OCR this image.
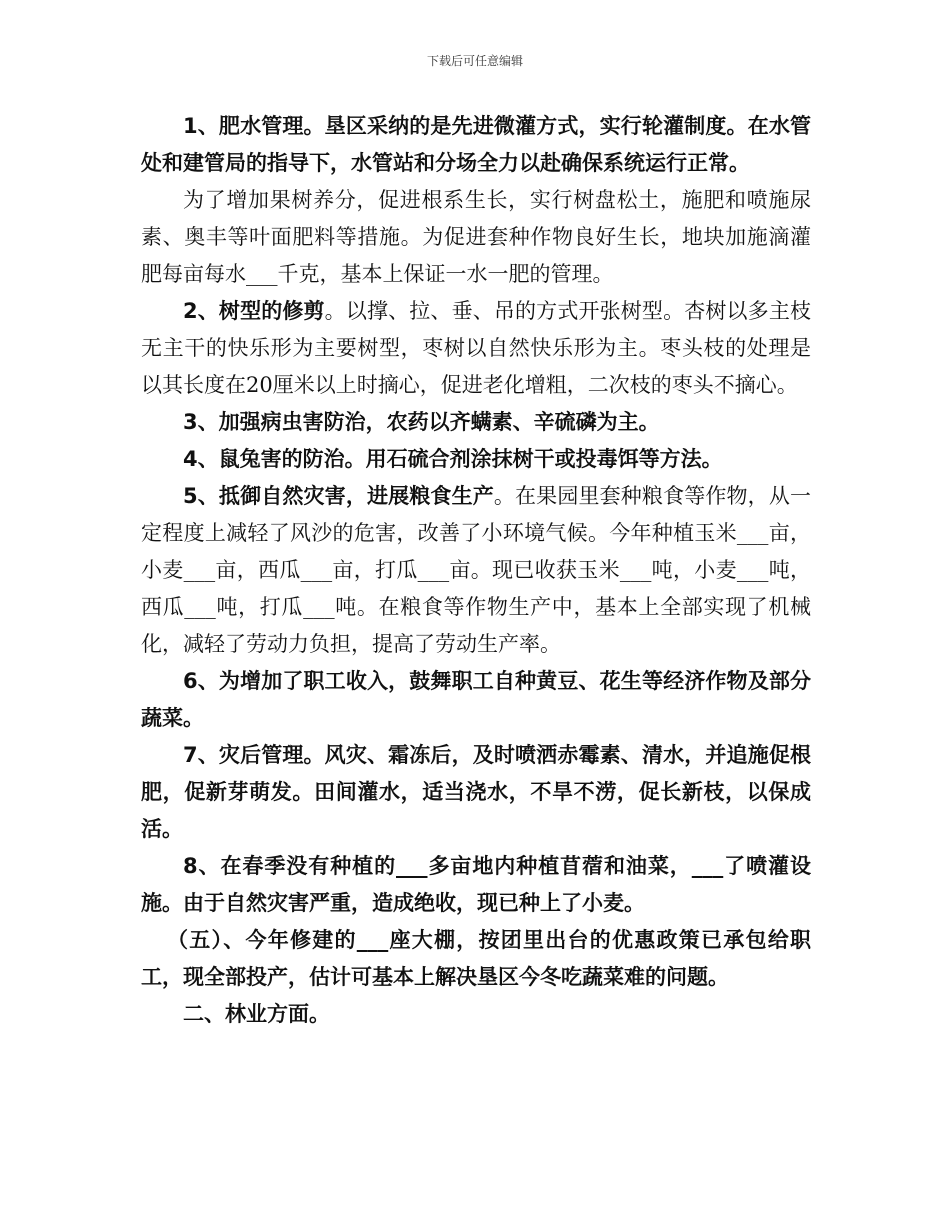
下载后可任意编辑

1、肥水管理。垦区采纳的是先进微灌方式，实行轮灌制度。在水管处和建管局的指导下，水管站和分场全力以赴确保系统运行正常。

为了增加果树养分，促进根系生长，实行树盘松土，施肥和喷施尿素、奥丰等叶面肥料等措施。为促进套种作物良好生长，地块加施滴灌肥每亩每水___千克，基本上保证一水一肥的管理。

2、树型的修剪。以撑、拉、垂、吊的方式开张树型。杏树以多主枝无主干的快乐形为主要树型，枣树以自然快乐形为主。枣头枝的处理是以其长度在20厘米以上时摘心，促进老化增粗，二次枝的枣头不摘心。

3、加强病虫害防治，农药以齐螨素、辛硫磷为主。

4、鼠兔害的防治。用石硫合剂涂抹树干或投毒饵等方法。

5、抵御自然灾害，进展粮食生产。在果园里套种粮食等作物，从一定程度上减轻了风沙的危害，改善了小环境气候。今年种植玉米___亩，小麦___亩，西瓜___亩，打瓜___亩。现已收获玉米___吨，小麦___吨，西瓜___吨，打瓜___吨。在粮食等作物生产中，基本上全部实现了机械化，减轻了劳动力负担，提高了劳动生产率。

6、为增加了职工收入，鼓舞职工自种黄豆、花生等经济作物及部分蔬菜。

7、灾后管理。风灾、霜冻后，及时喷洒赤霉素、清水，并追施促根肥，促新芽萌发。田间灌水，适当浇水，不旱不涝，促长新枝，以保成活。

8、在春季没有种植的___多亩地内种植苜蓿和油菜，___了喷灌设施。由于自然灾害严重，造成绝收，现已种上了小麦。

（五）、今年修建的___座大棚，按团里出台的优惠政策已承包给职工，现全部投产，估计可基本上解决垦区今冬吃蔬菜难的问题。

二、林业方面。
